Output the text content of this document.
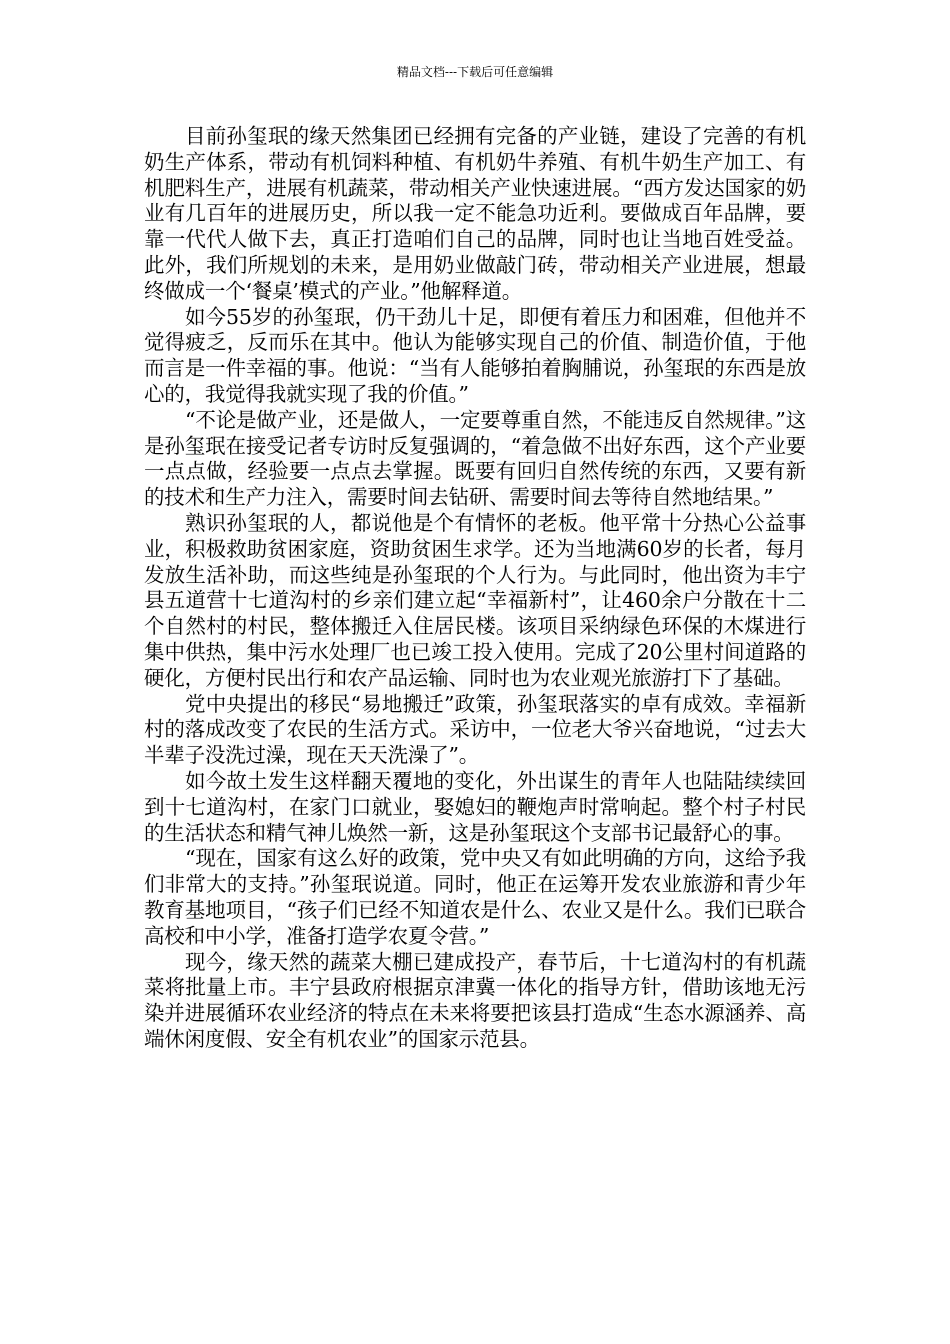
精品文档---下载后可任意编辑

目前孙玺珉的缘天然集团已经拥有完备的产业链，建设了完善的有机奶生产体系，带动有机饲料种植、有机奶牛养殖、有机牛奶生产加工、有机肥料生产，进展有机蔬菜，带动相关产业快速进展。“西方发达国家的奶业有几百年的进展历史，所以我一定不能急功近利。要做成百年品牌，要靠一代代人做下去，真正打造咱们自己的品牌，同时也让当地百姓受益。此外，我们所规划的未来，是用奶业做敲门砖，带动相关产业进展，想最终做成一个‘餐桌’模式的产业。”他解释道。

如今55岁的孙玺珉，仍干劲儿十足，即便有着压力和困难，但他并不觉得疲乏，反而乐在其中。他认为能够实现自己的价值、制造价值，于他而言是一件幸福的事。他说：“当有人能够拍着胸脯说，孙玺珉的东西是放心的，我觉得我就实现了我的价值。”

“不论是做产业，还是做人，一定要尊重自然，不能违反自然规律。”这是孙玺珉在接受记者专访时反复强调的，“着急做不出好东西，这个产业要一点点做，经验要一点点去掌握。既要有回归自然传统的东西，又要有新的技术和生产力注入，需要时间去钻研、需要时间去等待自然地结果。”

熟识孙玺珉的人，都说他是个有情怀的老板。他平常十分热心公益事业，积极救助贫困家庭，资助贫困生求学。还为当地满60岁的长者，每月发放生活补助，而这些纯是孙玺珉的个人行为。与此同时，他出资为丰宁县五道营十七道沟村的乡亲们建立起“幸福新村”，让460余户分散在十二个自然村的村民，整体搬迁入住居民楼。该项目采纳绿色环保的木煤进行集中供热，集中污水处理厂也已竣工投入使用。完成了20公里村间道路的硬化，方便村民出行和农产品运输、同时也为农业观光旅游打下了基础。

党中央提出的移民“易地搬迁”政策，孙玺珉落实的卓有成效。幸福新村的落成改变了农民的生活方式。采访中，一位老大爷兴奋地说，“过去大半辈子没洗过澡，现在天天洗澡了”。

如今故土发生这样翻天覆地的变化，外出谋生的青年人也陆陆续续回到十七道沟村，在家门口就业，娶媳妇的鞭炮声时常响起。整个村子村民的生活状态和精气神儿焕然一新，这是孙玺珉这个支部书记最舒心的事。

“现在，国家有这么好的政策，党中央又有如此明确的方向，这给予我们非常大的支持。”孙玺珉说道。同时，他正在运筹开发农业旅游和青少年教育基地项目，“孩子们已经不知道农是什么、农业又是什么。我们已联合高校和中小学，准备打造学农夏令营。”

现今，缘天然的蔬菜大棚已建成投产，春节后，十七道沟村的有机蔬菜将批量上市。丰宁县政府根据京津冀一体化的指导方针，借助该地无污染并进展循环农业经济的特点在未来将要把该县打造成“生态水源涵养、高端休闲度假、安全有机农业”的国家示范县。
